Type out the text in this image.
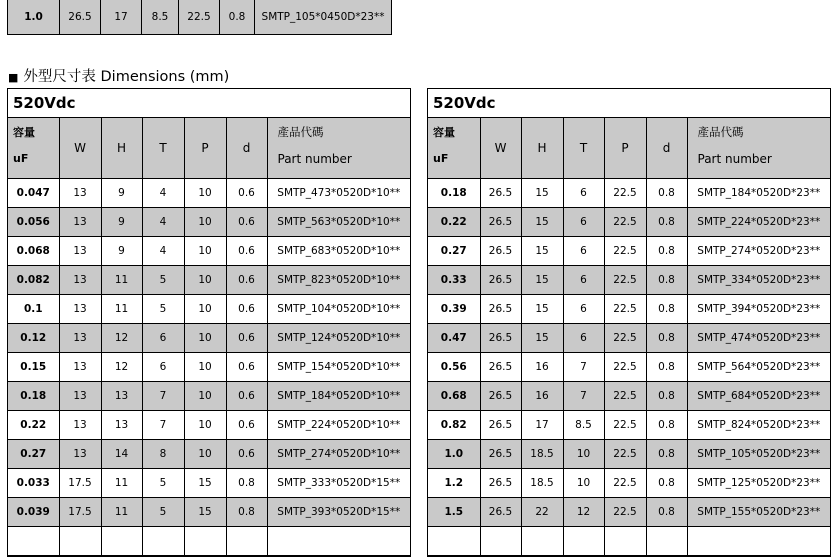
1.0	26.5	17	8.5	22.5	0.8	SMTP_105*0450D*23**
■ 外型尺寸表 Dimensions (mm)
520Vdc
容量
uF	W	H	T	P	d	產品代碼
Part number

0.047	13	9	4	10	0.6	SMTP_473*0520D*10**
0.056	13	9	4	10	0.6	SMTP_563*0520D*10**
0.068	13	9	4	10	0.6	SMTP_683*0520D*10**
0.082	13	11	5	10	0.6	SMTP_823*0520D*10**
0.1	13	11	5	10	0.6	SMTP_104*0520D*10**
0.12	13	12	6	10	0.6	SMTP_124*0520D*10**
0.15	13	12	6	10	0.6	SMTP_154*0520D*10**
0.18	13	13	7	10	0.6	SMTP_184*0520D*10**
0.22	13	13	7	10	0.6	SMTP_224*0520D*10**
0.27	13	14	8	10	0.6	SMTP_274*0520D*10**
0.033	17.5	11	5	15	0.8	SMTP_333*0520D*15**
0.039	17.5	11	5	15	0.8	SMTP_393*0520D*15**

520Vdc
容量
uF	W	H	T	P	d	產品代碼
Part number

0.18	26.5	15	6	22.5	0.8	SMTP_184*0520D*23**
0.22	26.5	15	6	22.5	0.8	SMTP_224*0520D*23**
0.27	26.5	15	6	22.5	0.8	SMTP_274*0520D*23**
0.33	26.5	15	6	22.5	0.8	SMTP_334*0520D*23**
0.39	26.5	15	6	22.5	0.8	SMTP_394*0520D*23**
0.47	26.5	15	6	22.5	0.8	SMTP_474*0520D*23**
0.56	26.5	16	7	22.5	0.8	SMTP_564*0520D*23**
0.68	26.5	16	7	22.5	0.8	SMTP_684*0520D*23**
0.82	26.5	17	8.5	22.5	0.8	SMTP_824*0520D*23**
1.0	26.5	18.5	10	22.5	0.8	SMTP_105*0520D*23**
1.2	26.5	18.5	10	22.5	0.8	SMTP_125*0520D*23**
1.5	26.5	22	12	22.5	0.8	SMTP_155*0520D*23**
